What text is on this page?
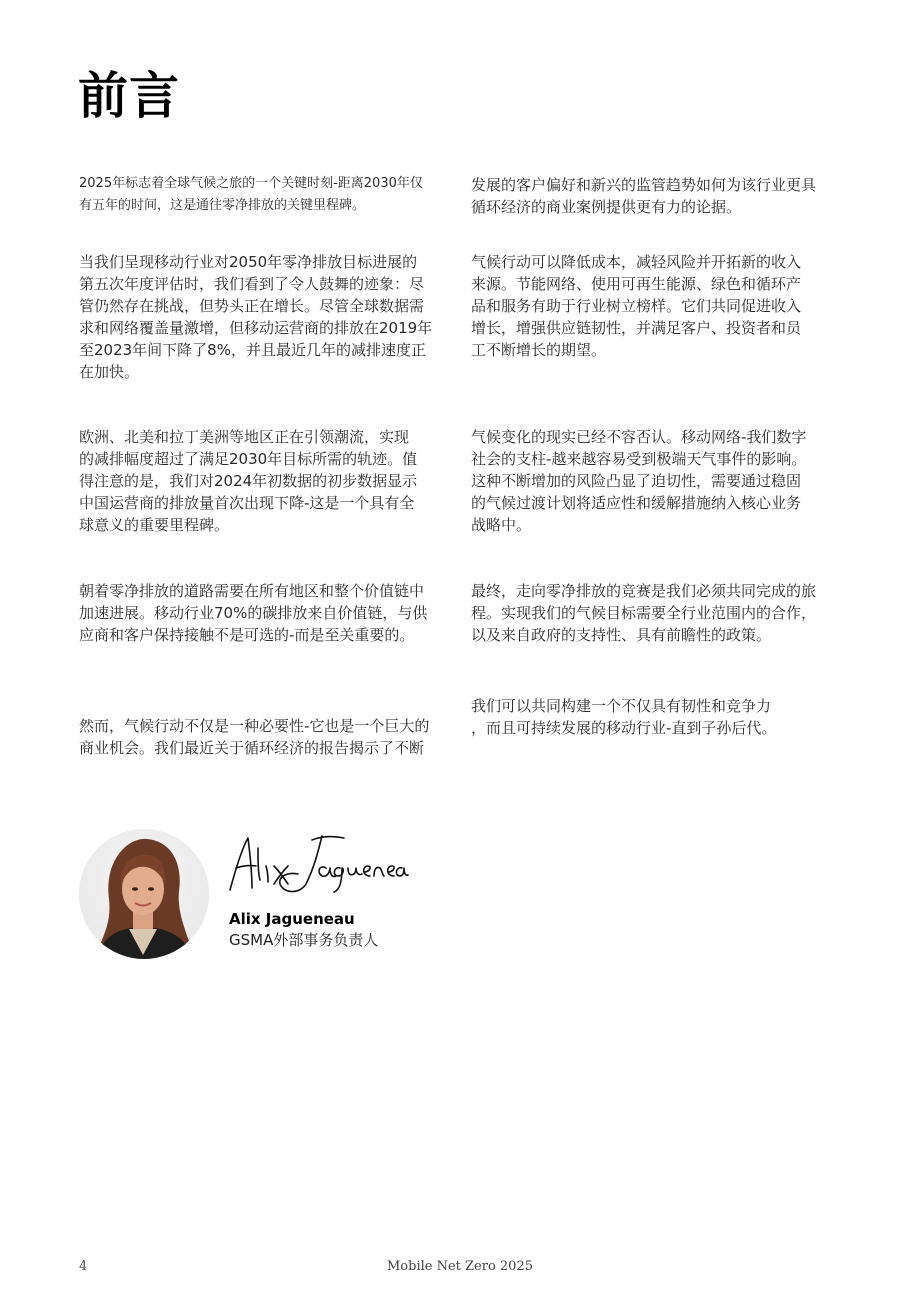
前言

2025年标志着全球气候之旅的一个关键时刻-距离2030年仅
有五年的时间，这是通往零净排放的关键里程碑。

当我们呈现移动行业对2050年零净排放目标进展的
第五次年度评估时，我们看到了令人鼓舞的迹象：尽
管仍然存在挑战，但势头正在增长。尽管全球数据需
求和网络覆盖量激增，但移动运营商的排放在2019年
至2023年间下降了8%，并且最近几年的减排速度正
在加快。

欧洲、北美和拉丁美洲等地区正在引领潮流，实现
的减排幅度超过了满足2030年目标所需的轨迹。值
得注意的是，我们对2024年初数据的初步数据显示
中国运营商的排放量首次出现下降-这是一个具有全
球意义的重要里程碑。

朝着零净排放的道路需要在所有地区和整个价值链中
加速进展。移动行业70%的碳排放来自价值链，与供
应商和客户保持接触不是可选的-而是至关重要的。

然而，气候行动不仅是一种必要性-它也是一个巨大的
商业机会。我们最近关于循环经济的报告揭示了不断

发展的客户偏好和新兴的监管趋势如何为该行业更具
循环经济的商业案例提供更有力的论据。

气候行动可以降低成本，减轻风险并开拓新的收入
来源。节能网络、使用可再生能源、绿色和循环产
品和服务有助于行业树立榜样。它们共同促进收入
增长，增强供应链韧性，并满足客户、投资者和员
工不断增长的期望。

气候变化的现实已经不容否认。移动网络-我们数字
社会的支柱-越来越容易受到极端天气事件的影响。
这种不断增加的风险凸显了迫切性，需要通过稳固
的气候过渡计划将适应性和缓解措施纳入核心业务
战略中。

最终，走向零净排放的竞赛是我们必须共同完成的旅
程。实现我们的气候目标需要全行业范围内的合作，
以及来自政府的支持性、具有前瞻性的政策。

我们可以共同构建一个不仅具有韧性和竞争力
，而且可持续发展的移动行业-直到子孙后代。

Alix Jagueneau

GSMA外部事务负责人

4	Mobile Net Zero 2025
